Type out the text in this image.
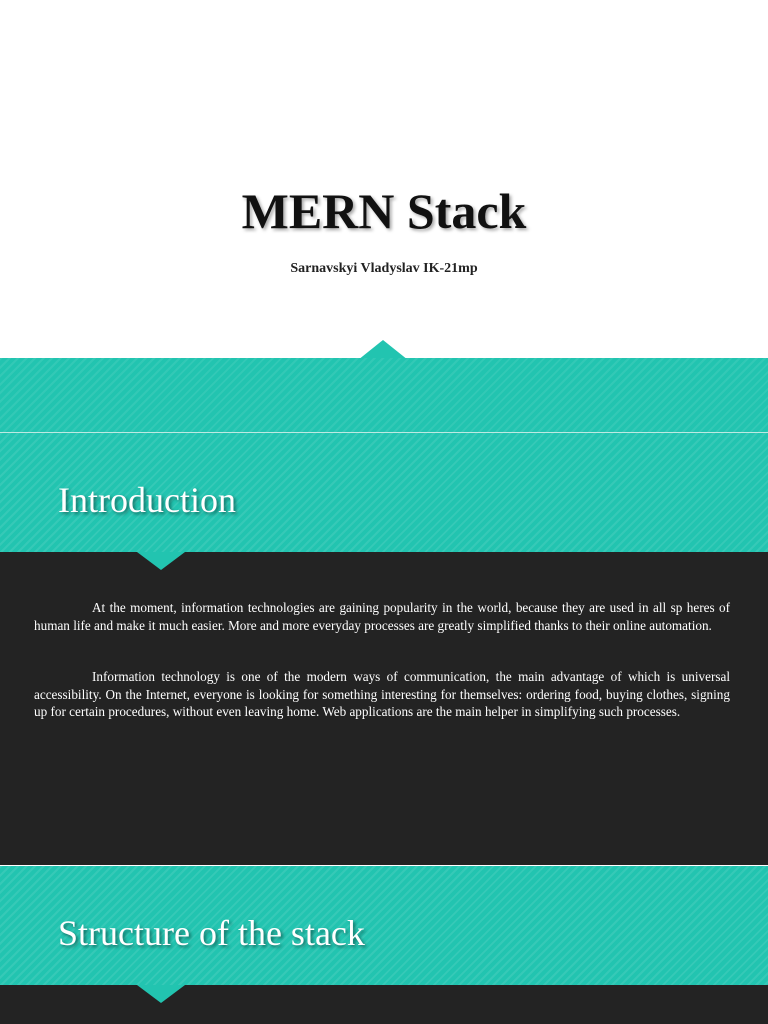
MERN Stack

Sarnavskyi Vladyslav IK-21mp

Introduction

At the moment, information technologies are gaining popularity in the world, because they are used in all sp heres of human life and make it much easier. More and more everyday processes are greatly simplified thanks to their online automation.

Information technology is one of the modern ways of communication, the main advantage of which is universal accessibility. On the Internet, everyone is looking for something interesting for themselves: ordering food, buying clothes, signing up for certain procedures, without even leaving home. Web applications are the main helper in simplifying such processes.

Structure of the stack
